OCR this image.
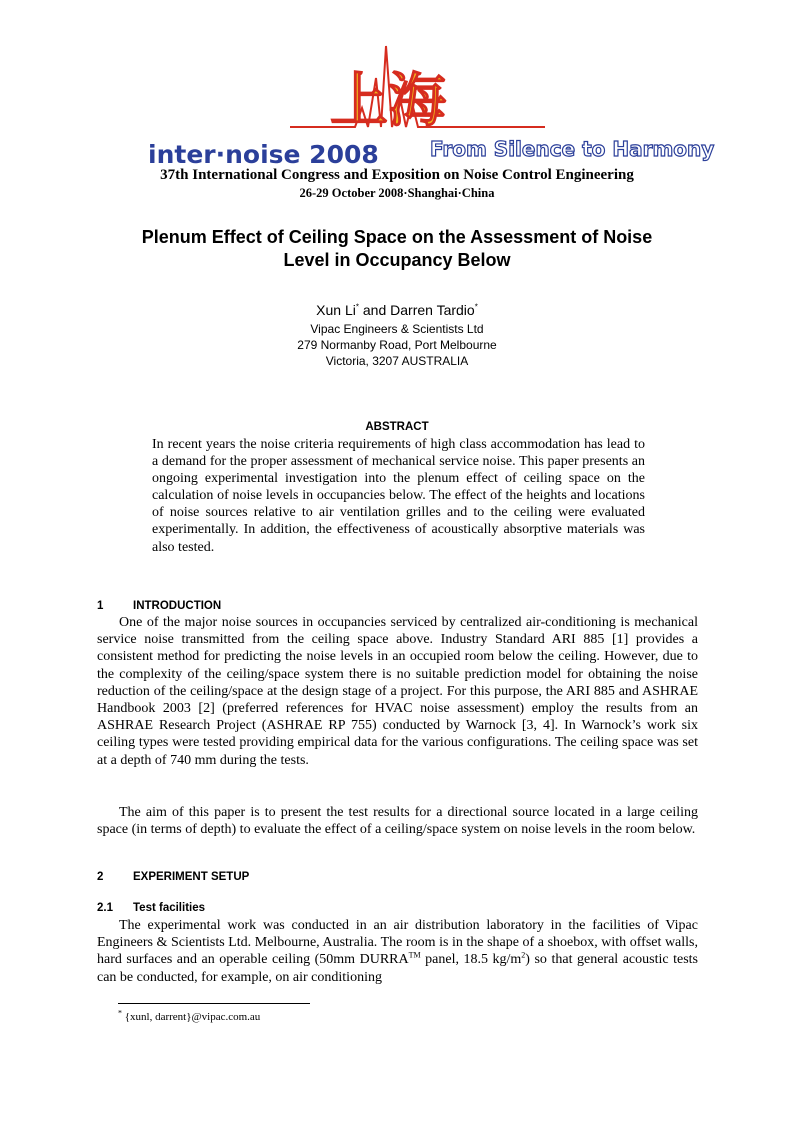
上海
inter·noise 2008	From Silence to Harmony
37th International Congress and Exposition on Noise Control Engineering
26-29 October 2008·Shanghai·China
Plenum Effect of Ceiling Space on the Assessment of Noise Level in Occupancy Below
Xun Li* and Darren Tardio*
Vipac Engineers & Scientists Ltd
279 Normanby Road, Port Melbourne
Victoria, 3207 AUSTRALIA
ABSTRACT
In recent years the noise criteria requirements of high class accommodation has lead to a demand for the proper assessment of mechanical service noise. This paper presents an ongoing experimental investigation into the plenum effect of ceiling space on the calculation of noise levels in occupancies below. The effect of the heights and locations of noise sources relative to air ventilation grilles and to the ceiling were evaluated experimentally. In addition, the effectiveness of acoustically absorptive materials was also tested.
1	INTRODUCTION
One of the major noise sources in occupancies serviced by centralized air-conditioning is mechanical service noise transmitted from the ceiling space above. Industry Standard ARI 885 [1] provides a consistent method for predicting the noise levels in an occupied room below the ceiling. However, due to the complexity of the ceiling/space system there is no suitable prediction model for obtaining the noise reduction of the ceiling/space at the design stage of a project. For this purpose, the ARI 885 and ASHRAE Handbook 2003 [2] (preferred references for HVAC noise assessment) employ the results from an ASHRAE Research Project (ASHRAE RP 755) conducted by Warnock [3, 4]. In Warnock’s work six ceiling types were tested providing empirical data for the various configurations. The ceiling space was set at a depth of 740 mm during the tests.
The aim of this paper is to present the test results for a directional source located in a large ceiling space (in terms of depth) to evaluate the effect of a ceiling/space system on noise levels in the room below.
2	EXPERIMENT SETUP
2.1 Test facilities
The experimental work was conducted in an air distribution laboratory in the facilities of Vipac Engineers & Scientists Ltd. Melbourne, Australia. The room is in the shape of a shoebox, with offset walls, hard surfaces and an operable ceiling (50mm DURRA™ panel, 18.5 $kg/m^2$) so that general acoustic tests can be conducted, for example, on air conditioning
* {xunl, darrent}@vipac.com.au
